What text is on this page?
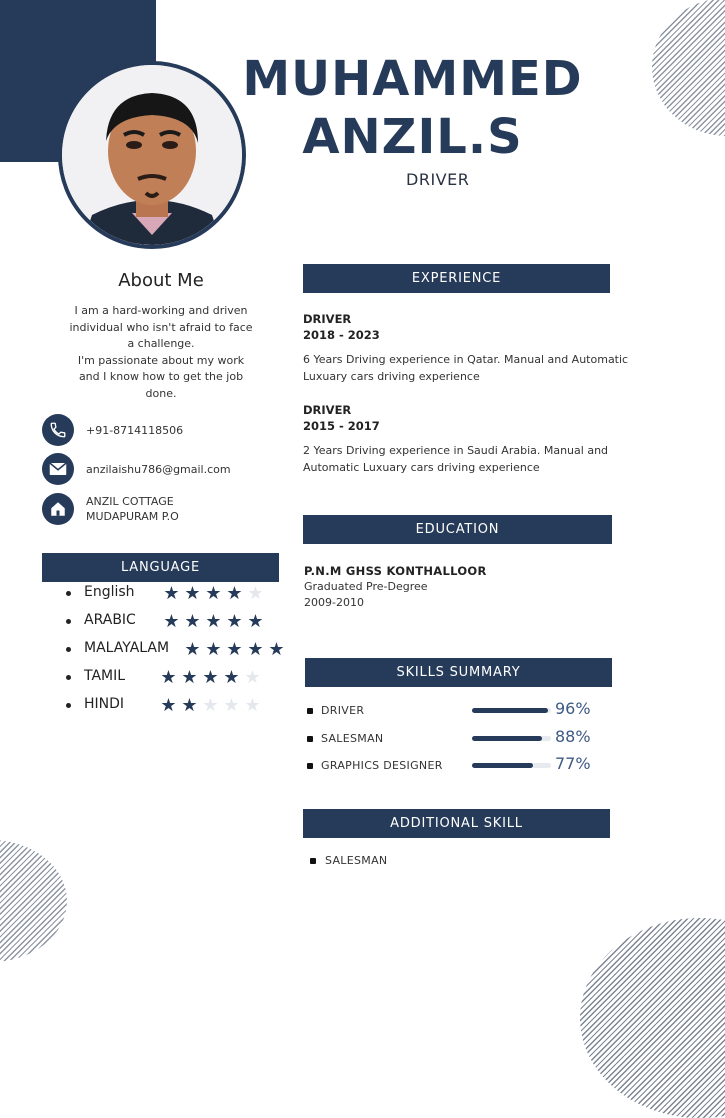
MUHAMMED
ANZIL.S
DRIVER
About Me
I am a hard-working and driven
individual who isn't afraid to face
a challenge.
I'm passionate about my work
and I know how to get the job
done.
+91-8714118506
anzilaishu786@gmail.com
ANZIL COTTAGE
MUDAPURAM P.O
LANGUAGE
English ★ ★ ★ ★ ★
ARABIC ★ ★ ★ ★ ★
MALAYALAM ★ ★ ★ ★ ★
TAMIL ★ ★ ★ ★ ★
HINDI ★ ★ ★ ★ ★
EXPERIENCE
DRIVER
2018 - 2023
6 Years Driving experience in Qatar. Manual and Automatic
Luxuary cars driving experience
DRIVER
2015 - 2017
2 Years Driving experience in Saudi Arabia. Manual and
Automatic Luxuary cars driving experience
EDUCATION
P.N.M GHSS KONTHALLOOR
Graduated Pre-Degree
2009-2010
SKILLS SUMMARY
DRIVER	96%
SALESMAN	88%
GRAPHICS DESIGNER	77%
ADDITIONAL SKILL
SALESMAN
